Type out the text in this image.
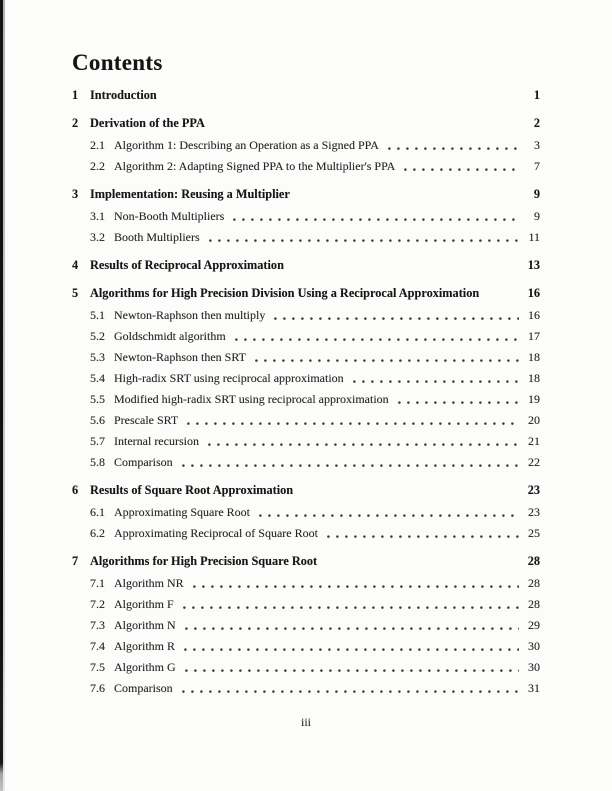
Contents
1 Introduction	1
2 Derivation of the PPA	2
2.1 Algorithm 1: Describing an Operation as a Signed PPA	3
2.2 Algorithm 2: Adapting Signed PPA to the Multiplier's PPA	7
3 Implementation: Reusing a Multiplier	9
3.1 Non-Booth Multipliers	9
3.2 Booth Multipliers	11
4 Results of Reciprocal Approximation	13
5 Algorithms for High Precision Division Using a Reciprocal Approximation	16
5.1 Newton-Raphson then multiply	16
5.2 Goldschmidt algorithm	17
5.3 Newton-Raphson then SRT	18
5.4 High-radix SRT using reciprocal approximation	18
5.5 Modified high-radix SRT using reciprocal approximation	19
5.6 Prescale SRT	20
5.7 Internal recursion	21
5.8 Comparison	22
6 Results of Square Root Approximation	23
6.1 Approximating Square Root	23
6.2 Approximating Reciprocal of Square Root	25
7 Algorithms for High Precision Square Root	28
7.1 Algorithm NR	28
7.2 Algorithm F	28
7.3 Algorithm N	29
7.4 Algorithm R	30
7.5 Algorithm G	30
7.6 Comparison	31
iii
